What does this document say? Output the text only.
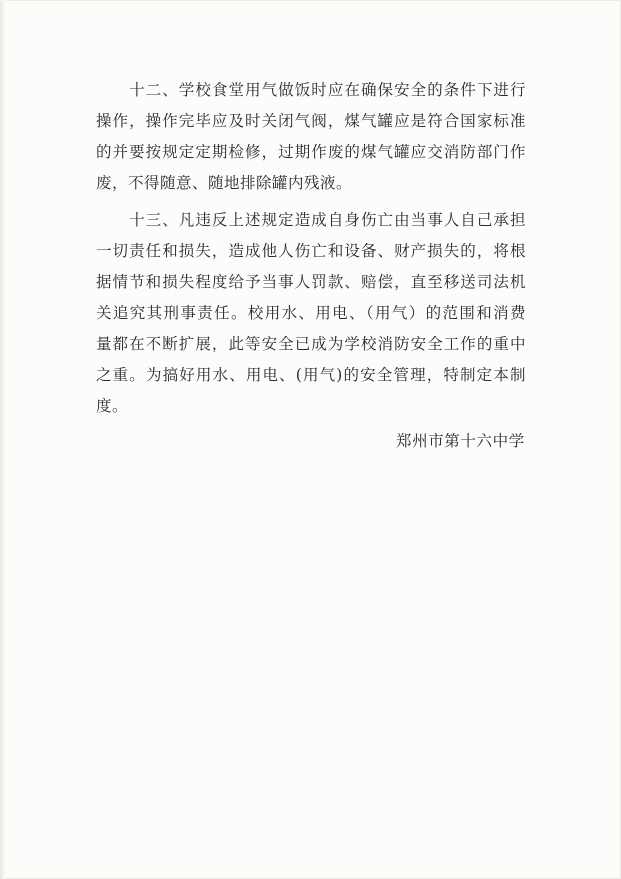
　　十二、学校食堂用气做饭时应在确保安全的条件下进行
操作，操作完毕应及时关闭气阀，煤气罐应是符合国家标准
的并要按规定定期检修，过期作废的煤气罐应交消防部门作
废，不得随意、随地排除罐内残液。
　　十三、凡违反上述规定造成自身伤亡由当事人自己承担
一切责任和损失，造成他人伤亡和设备、财产损失的，将根
据情节和损失程度给予当事人罚款、赔偿，直至移送司法机
关追究其刑事责任。校用水、用电、（用气）的范围和消费
量都在不断扩展，此等安全已成为学校消防安全工作的重中
之重。为搞好用水、用电、(用气)的安全管理，特制定本制
度。
郑州市第十六中学
